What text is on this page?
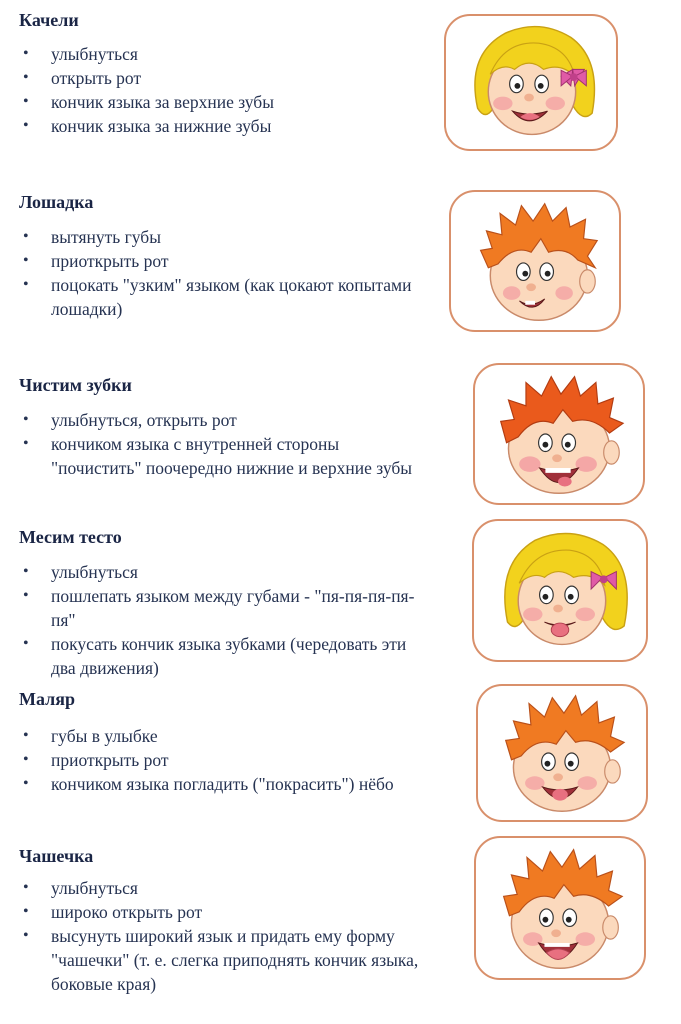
Качели
• улыбнуться
• открыть рот
• кончик языка за верхние зубы
• кончик языка за нижние зубы
Лошадка
• вытянуть губы
• приоткрыть рот
• поцокать "узким" языком (как цокают копытами лошадки)
Чистим зубки
• улыбнуться, открыть рот
• кончиком языка с внутренней стороны "почистить" поочередно нижние и верхние зубы
Месим тесто
• улыбнуться
• пошлепать языком между губами - "пя-пя-пя-пя-пя"
• покусать кончик языка зубками (чередовать эти два движения)
Маляр
• губы в улыбке
• приоткрыть рот
• кончиком языка погладить ("покрасить") нёбо
Чашечка
• улыбнуться
• широко открыть рот
• высунуть широкий язык и придать ему форму "чашечки" (т. е. слегка приподнять кончик языка, боковые края)
